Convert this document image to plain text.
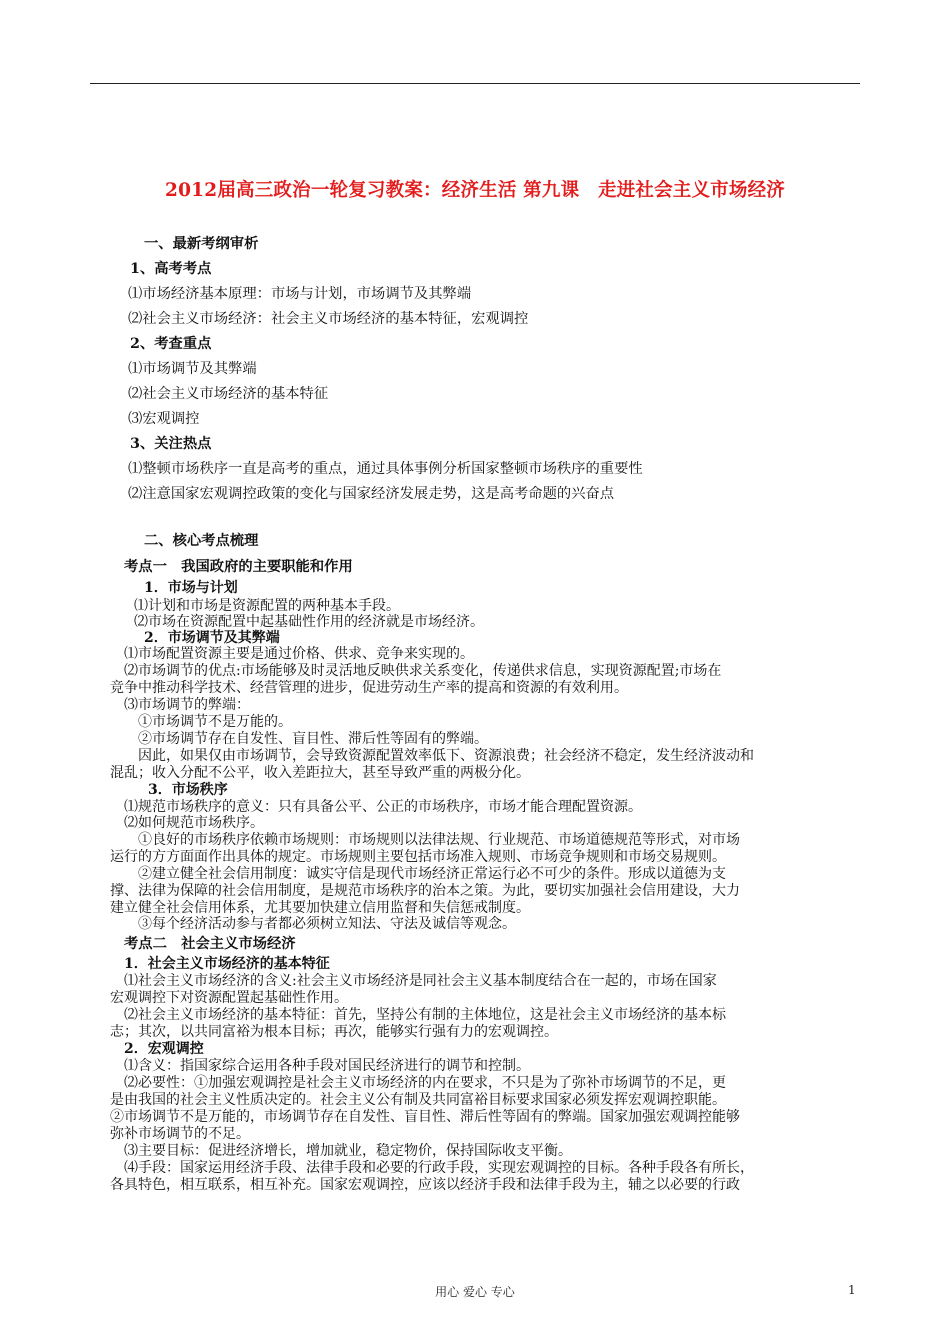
2012届高三政治一轮复习教案：经济生活 第九课　走进社会主义市场经济
一、最新考纲审析
1、高考考点
⑴市场经济基本原理：市场与计划，市场调节及其弊端
⑵社会主义市场经济：社会主义市场经济的基本特征，宏观调控
2、考查重点
⑴市场调节及其弊端
⑵社会主义市场经济的基本特征
⑶宏观调控
3、关注热点
⑴整顿市场秩序一直是高考的重点，通过具体事例分析国家整顿市场秩序的重要性
⑵注意国家宏观调控政策的变化与国家经济发展走势，这是高考命题的兴奋点
二、核心考点梳理
考点一　我国政府的主要职能和作用
1．市场与计划
⑴计划和市场是资源配置的两种基本手段。
⑵市场在资源配置中起基础性作用的经济就是市场经济。
2．市场调节及其弊端
⑴市场配置资源主要是通过价格、供求、竞争来实现的。
⑵市场调节的优点:市场能够及时灵活地反映供求关系变化，传递供求信息，实现资源配置;市场在
竞争中推动科学技术、经营管理的进步，促进劳动生产率的提高和资源的有效利用。
⑶市场调节的弊端：
①市场调节不是万能的。
②市场调节存在自发性、盲目性、滞后性等固有的弊端。
因此，如果仅由市场调节，会导致资源配置效率低下、资源浪费；社会经济不稳定，发生经济波动和
混乱；收入分配不公平，收入差距拉大，甚至导致严重的两极分化。
3．市场秩序
⑴规范市场秩序的意义：只有具备公平、公正的市场秩序，市场才能合理配置资源。
⑵如何规范市场秩序。
①良好的市场秩序依赖市场规则：市场规则以法律法规、行业规范、市场道德规范等形式，对市场
运行的方方面面作出具体的规定。市场规则主要包括市场准入规则、市场竞争规则和市场交易规则。
②建立健全社会信用制度：诚实守信是现代市场经济正常运行必不可少的条件。形成以道德为支
撑、法律为保障的社会信用制度，是规范市场秩序的治本之策。为此，要切实加强社会信用建设，大力
建立健全社会信用体系，尤其要加快建立信用监督和失信惩戒制度。
③每个经济活动参与者都必须树立知法、守法及诚信等观念。
考点二　社会主义市场经济
1．社会主义市场经济的基本特征
⑴社会主义市场经济的含义:社会主义市场经济是同社会主义基本制度结合在一起的，市场在国家
宏观调控下对资源配置起基础性作用。
⑵社会主义市场经济的基本特征：首先，坚持公有制的主体地位，这是社会主义市场经济的基本标
志；其次，以共同富裕为根本目标；再次，能够实行强有力的宏观调控。
2．宏观调控
⑴含义：指国家综合运用各种手段对国民经济进行的调节和控制。
⑵必要性：①加强宏观调控是社会主义市场经济的内在要求，不只是为了弥补市场调节的不足，更
是由我国的社会主义性质决定的。社会主义公有制及共同富裕目标要求国家必须发挥宏观调控职能。
②市场调节不是万能的，市场调节存在自发性、盲目性、滞后性等固有的弊端。国家加强宏观调控能够
弥补市场调节的不足。
⑶主要目标：促进经济增长，增加就业，稳定物价，保持国际收支平衡。
⑷手段：国家运用经济手段、法律手段和必要的行政手段，实现宏观调控的目标。各种手段各有所长，
各具特色，相互联系，相互补充。国家宏观调控，应该以经济手段和法律手段为主，辅之以必要的行政
用心 爱心 专心	1
